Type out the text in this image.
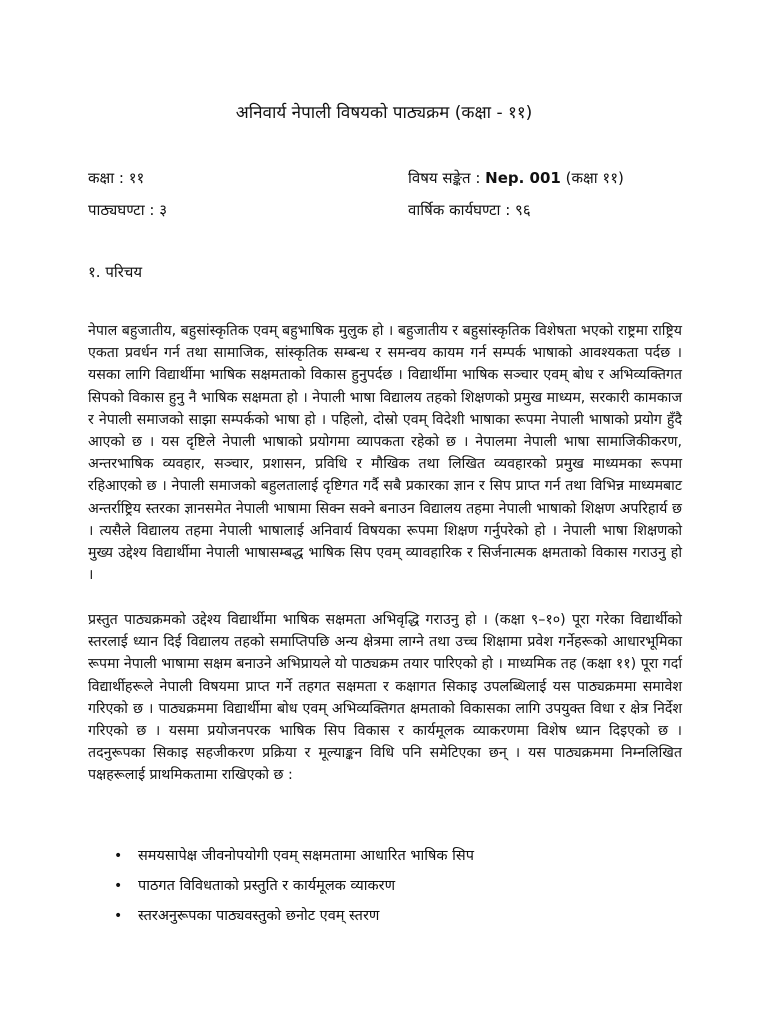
अनिवार्य नेपाली विषयको पाठ्यक्रम (कक्षा - ११)
कक्षा : ११	विषय सङ्केत : Nep. 001 (कक्षा ११)
पाठ्यघण्टा : ३	वार्षिक कार्यघण्टा : ९६
१. परिचय

नेपाल बहुजातीय, बहुसांस्कृतिक एवम् बहुभाषिक मुलुक हो । बहुजातीय र बहुसांस्कृतिक विशेषता भएको राष्ट्रमा राष्ट्रिय एकता प्रवर्धन गर्न तथा सामाजिक, सांस्कृतिक सम्बन्ध र समन्वय कायम गर्न सम्पर्क भाषाको आवश्यकता पर्दछ । यसका लागि विद्यार्थीमा भाषिक सक्षमताको विकास हुनुपर्दछ । विद्यार्थीमा भाषिक सञ्चार एवम् बोध र अभिव्यक्तिगत सिपको विकास हुनु नै भाषिक सक्षमता हो । नेपाली भाषा विद्यालय तहको शिक्षणको प्रमुख माध्यम, सरकारी कामकाज र नेपाली समाजको साझा सम्पर्कको भाषा हो । पहिलो, दोस्रो एवम् विदेशी भाषाका रूपमा नेपाली भाषाको प्रयोग हुँदै आएको छ । यस दृष्टिले नेपाली भाषाको प्रयोगमा व्यापकता रहेको छ । नेपालमा नेपाली भाषा सामाजिकीकरण, अन्तरभाषिक व्यवहार, सञ्चार, प्रशासन, प्रविधि र मौखिक तथा लिखित व्यवहारको प्रमुख माध्यमका रूपमा रहिआएको छ । नेपाली समाजको बहुलतालाई दृष्टिगत गर्दै सबै प्रकारका ज्ञान र सिप प्राप्त गर्न तथा विभिन्न माध्यमबाट अन्तर्राष्ट्रिय स्तरका ज्ञानसमेत नेपाली भाषामा सिक्न सक्ने बनाउन विद्यालय तहमा नेपाली भाषाको शिक्षण अपरिहार्य छ । त्यसैले विद्यालय तहमा नेपाली भाषालाई अनिवार्य विषयका रूपमा शिक्षण गर्नुपरेको हो । नेपाली भाषा शिक्षणको मुख्य उद्देश्य विद्यार्थीमा नेपाली भाषासम्बद्ध भाषिक सिप एवम् व्यावहारिक र सिर्जनात्मक क्षमताको विकास गराउनु हो ।

प्रस्तुत पाठ्यक्रमको उद्देश्य विद्यार्थीमा भाषिक सक्षमता अभिवृद्धि गराउनु हो । (कक्षा ९–१०) पूरा गरेका विद्यार्थीको स्तरलाई ध्यान दिई विद्यालय तहको समाप्तिपछि अन्य क्षेत्रमा लाग्ने तथा उच्च शिक्षामा प्रवेश गर्नेहरूको आधारभूमिका रूपमा नेपाली भाषामा सक्षम बनाउने अभिप्रायले यो पाठ्यक्रम तयार पारिएको हो । माध्यमिक तह (कक्षा ११) पूरा गर्दा विद्यार्थीहरूले नेपाली विषयमा प्राप्त गर्ने तहगत सक्षमता र कक्षागत सिकाइ उपलब्धिलाई यस पाठ्यक्रममा समावेश गरिएको छ । पाठ्यक्रममा विद्यार्थीमा बोध एवम् अभिव्यक्तिगत क्षमताको विकासका लागि उपयुक्त विधा र क्षेत्र निर्देश गरिएको छ । यसमा प्रयोजनपरक भाषिक सिप विकास र कार्यमूलक व्याकरणमा विशेष ध्यान दिइएको छ । तदनुरूपका सिकाइ सहजीकरण प्रक्रिया र मूल्याङ्कन विधि पनि समेटिएका छन् । यस पाठ्यक्रममा निम्नलिखित पक्षहरूलाई प्राथमिकतामा राखिएको छ :

• समयसापेक्ष जीवनोपयोगी एवम् सक्षमतामा आधारित भाषिक सिप
• पाठगत विविधताको प्रस्तुति र कार्यमूलक व्याकरण
• स्तरअनुरूपका पाठ्यवस्तुको छनोट एवम् स्तरण
